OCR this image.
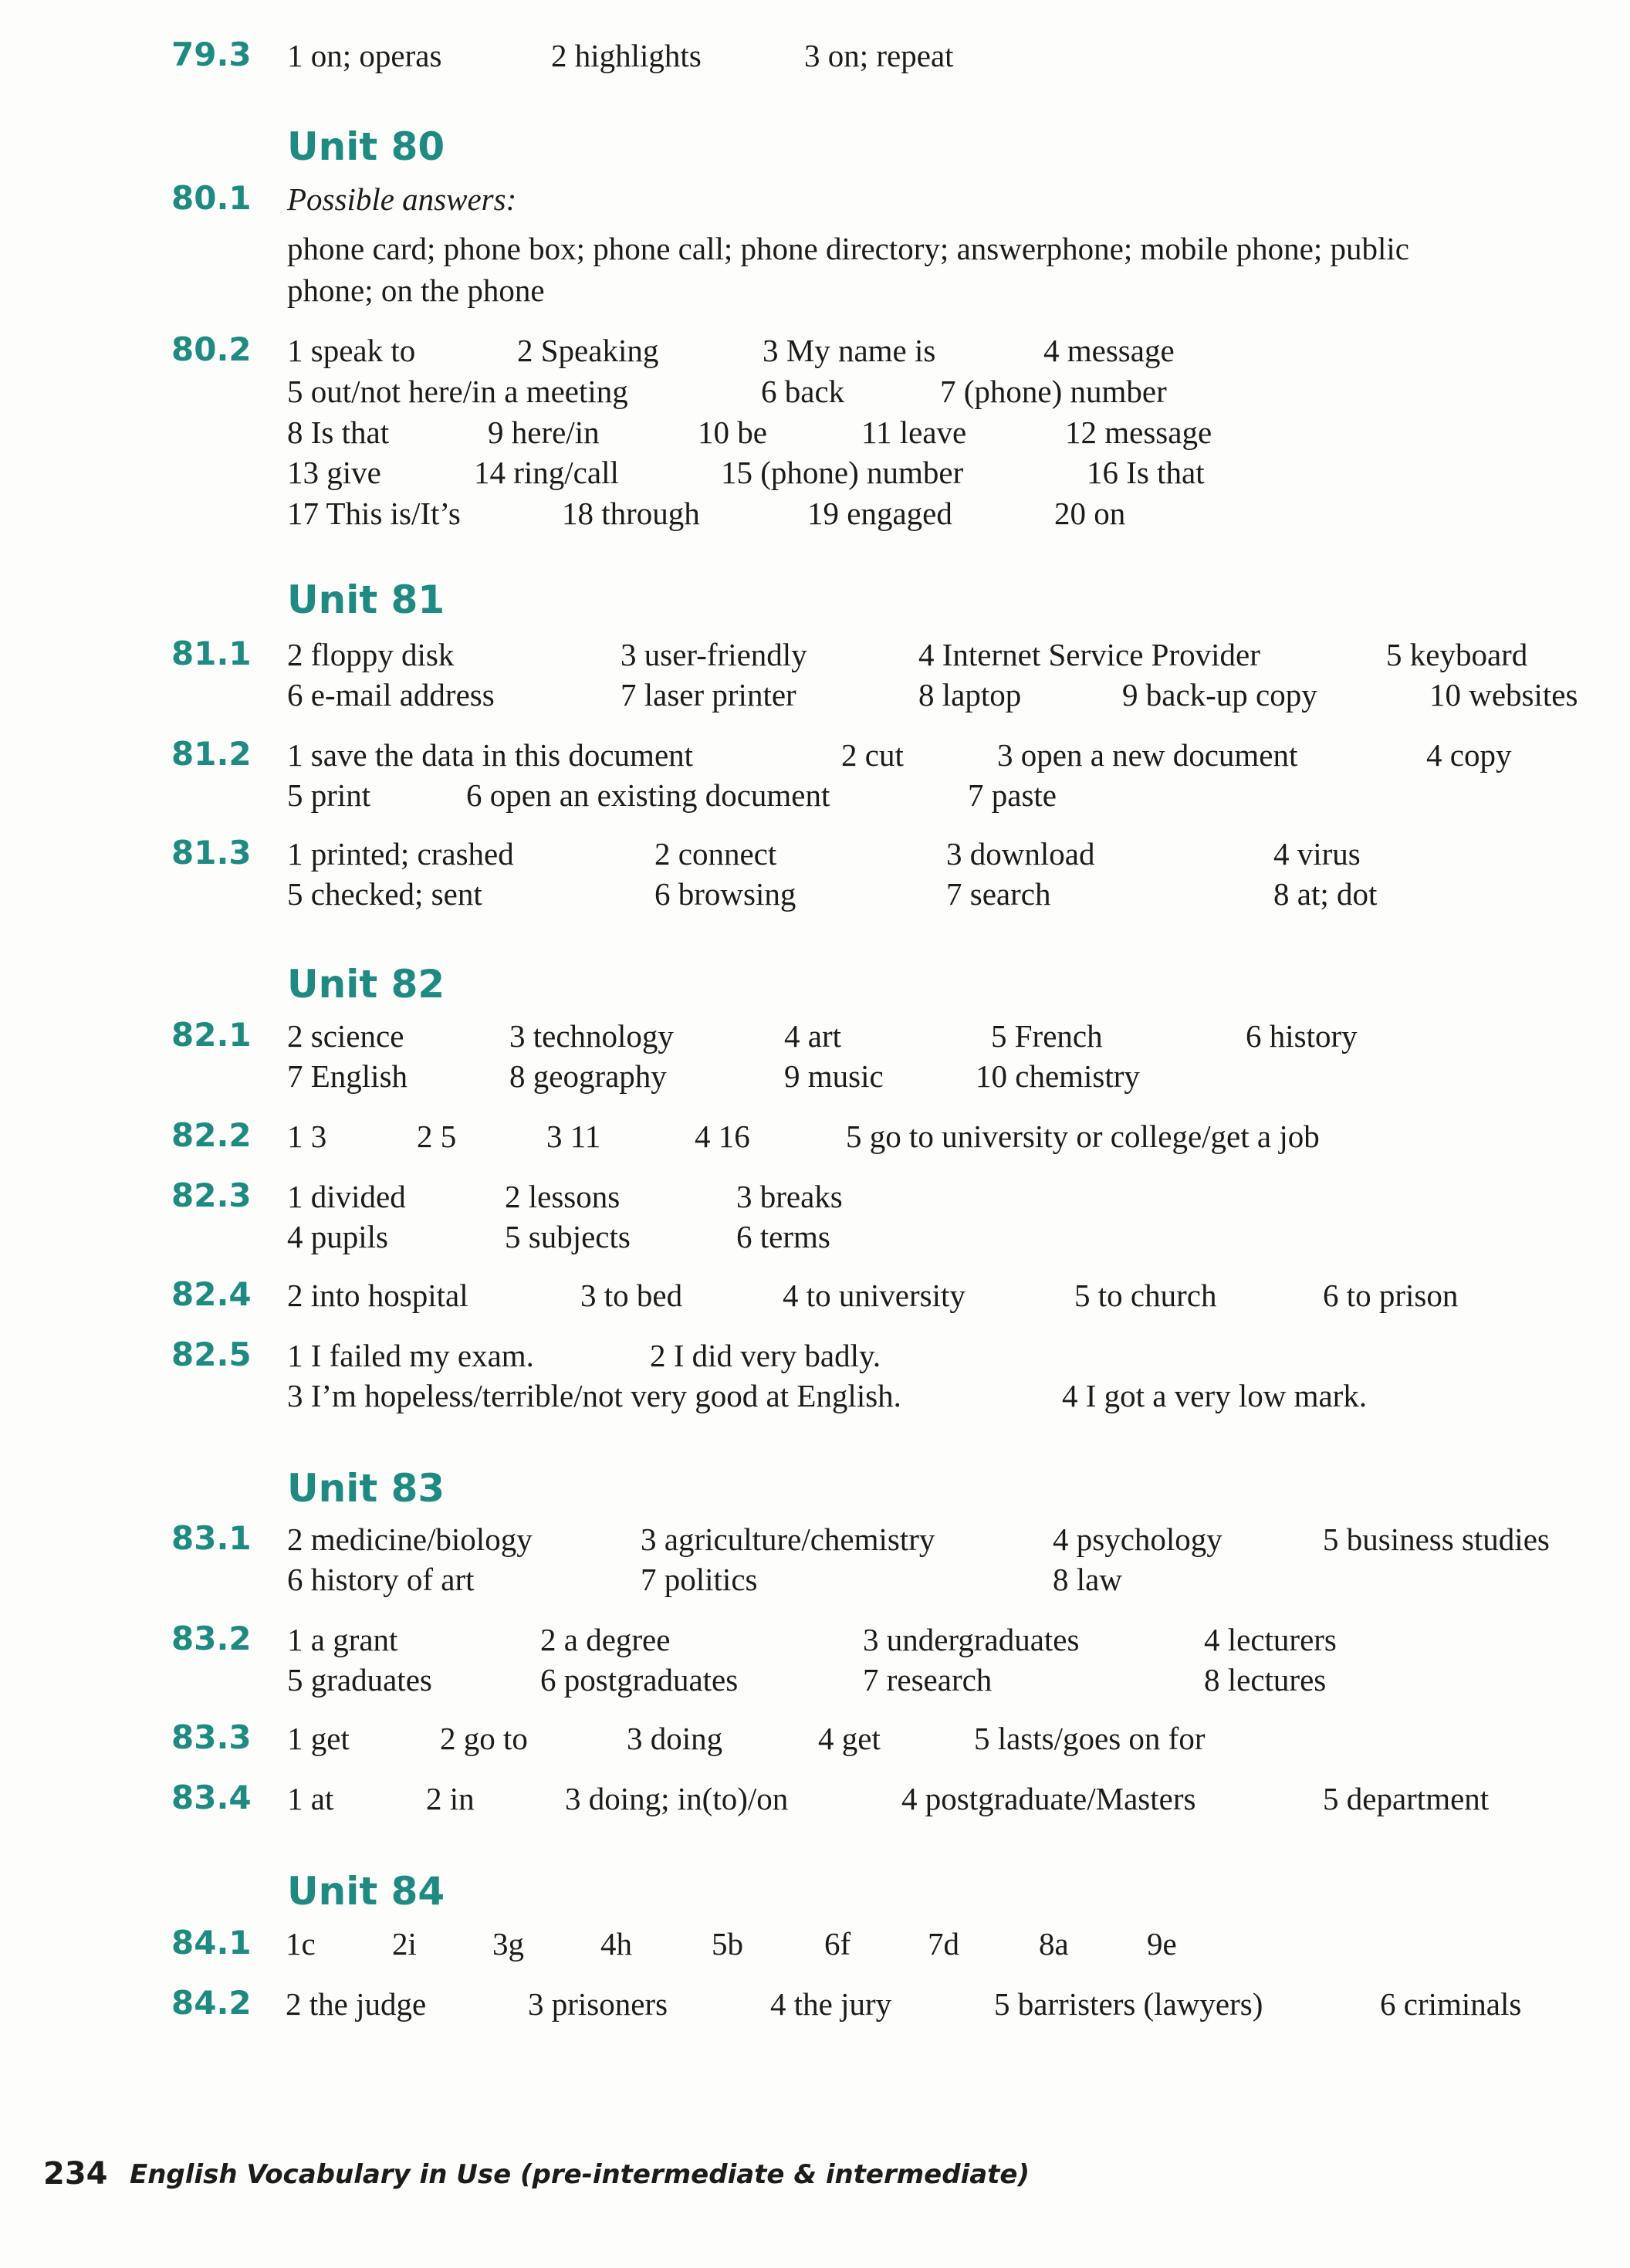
79.3 1 on; operas	2 highlights	3 on; repeat
Unit 80
80.1 Possible answers:
phone card; phone box; phone call; phone directory; answerphone; mobile phone; public
phone; on the phone
80.2 1 speak to	2 Speaking	3 My name is	4 message
5 out/not here/in a meeting	6 back	7 (phone) number
8 Is that	9 here/in	10 be	11 leave	12 message
13 give	14 ring/call	15 (phone) number	16 Is that
17 This is/It’s	18 through	19 engaged	20 on
Unit 81
81.1 2 floppy disk	3 user-friendly	4 Internet Service Provider	5 keyboard
6 e-mail address	7 laser printer	8 laptop	9 back-up copy	10 websites
81.2 1 save the data in this document	2 cut	3 open a new document	4 copy
5 print	6 open an existing document	7 paste
81.3 1 printed; crashed	2 connect	3 download	4 virus
5 checked; sent	6 browsing	7 search	8 at; dot
Unit 82
82.1 2 science	3 technology	4 art	5 French	6 history
7 English	8 geography	9 music	10 chemistry
82.2 1 3	2 5	3 11	4 16	5 go to university or college/get a job
82.3 1 divided	2 lessons	3 breaks
4 pupils	5 subjects	6 terms
82.4 2 into hospital	3 to bed	4 to university	5 to church	6 to prison
82.5 1 I failed my exam.	2 I did very badly.
3 I’m hopeless/terrible/not very good at English.	4 I got a very low mark.
Unit 83
83.1 2 medicine/biology	3 agriculture/chemistry	4 psychology	5 business studies
6 history of art	7 politics	8 law
83.2 1 a grant	2 a degree	3 undergraduates	4 lecturers
5 graduates	6 postgraduates	7 research	8 lectures
83.3 1 get	2 go to	3 doing	4 get	5 lasts/goes on for
83.4 1 at	2 in	3 doing; in(to)/on	4 postgraduate/Masters	5 department
Unit 84
84.1 1c 2i 3g 4h	5b	6f 7d	8a 9e
84.2 2 the judge	3 prisoners	4 the jury	5 barristers (lawyers)	6 criminals
234 English Vocabulary in Use (pre-intermediate & intermediate)
